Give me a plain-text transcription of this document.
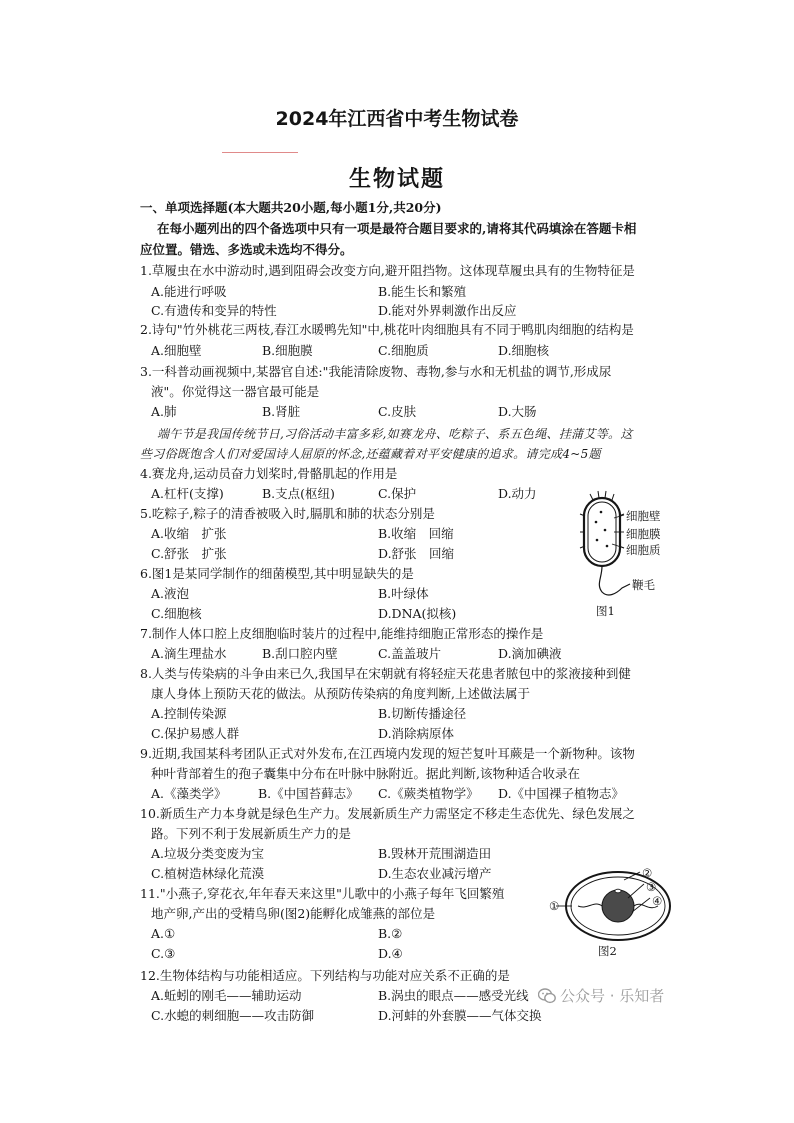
2024年江西省中考生物试卷
生物试题
一、单项选择题(本大题共20小题,每小题1分,共20分)
在每小题列出的四个备选项中只有一项是最符合题目要求的,请将其代码填涂在答题卡相
应位置。错选、多选或未选均不得分。
1.草履虫在水中游动时,遇到阻碍会改变方向,避开阻挡物。这体现草履虫具有的生物特征是
A.能进行呼吸	B.能生长和繁殖
C.有遗传和变异的特性	D.能对外界刺激作出反应
2.诗句"竹外桃花三两枝,春江水暖鸭先知"中,桃花叶肉细胞具有不同于鸭肌肉细胞的结构是
A.细胞壁	B.细胞膜	C.细胞质	D.细胞核
3.一科普动画视频中,某器官自述:"我能清除废物、毒物,参与水和无机盐的调节,形成尿
液"。你觉得这一器官最可能是
A.肺	B.肾脏	C.皮肤	D.大肠
端午节是我国传统节日,习俗活动丰富多彩,如赛龙舟、吃粽子、系五色绳、挂蒲艾等。这
些习俗既饱含人们对爱国诗人屈原的怀念,还蕴藏着对平安健康的追求。请完成4~5题
4.赛龙舟,运动员奋力划桨时,骨骼肌起的作用是
A.杠杆(支撑)	B.支点(枢纽)	C.保护	D.动力
5.吃粽子,粽子的清香被吸入时,膈肌和肺的状态分别是
A.收缩　扩张	B.收缩　回缩
C.舒张　扩张	D.舒张　回缩
6.图1是某同学制作的细菌模型,其中明显缺失的是
A.液泡	B.叶绿体
C.细胞核	D.DNA(拟核)
细胞壁
细胞膜
细胞质
鞭毛
图1
7.制作人体口腔上皮细胞临时装片的过程中,能维持细胞正常形态的操作是
A.滴生理盐水	B.刮口腔内壁	C.盖盖玻片	D.滴加碘液
8.人类与传染病的斗争由来已久,我国早在宋朝就有将轻症天花患者脓包中的浆液接种到健
康人身体上预防天花的做法。从预防传染病的角度判断,上述做法属于
A.控制传染源	B.切断传播途径
C.保护易感人群	D.消除病原体
9.近期,我国某科考团队正式对外发布,在江西境内发现的短芒复叶耳蕨是一个新物种。该物
种叶背部着生的孢子囊集中分布在叶脉中脉附近。据此判断,该物种适合收录在
A.《藻类学》	B.《中国苔藓志》 C.《蕨类植物学》 D.《中国裸子植物志》
10.新质生产力本身就是绿色生产力。发展新质生产力需坚定不移走生态优先、绿色发展之
路。下列不利于发展新质生产力的是
A.垃圾分类变废为宝	B.毁林开荒围湖造田
C.植树造林绿化荒漠	D.生态农业减污增产
11."小燕子,穿花衣,年年春天来这里"儿歌中的小燕子每年飞回繁殖
地产卵,产出的受精鸟卵(图2)能孵化成雏燕的部位是
A.①	B.②
C.③	D.④
①
②
③
④
图2
12.生物体结构与功能相适应。下列结构与功能对应关系不正确的是
A.蚯蚓的刚毛——辅助运动	B.涡虫的眼点——感受光线
C.水螅的刺细胞——攻击防御	D.河蚌的外套膜——气体交换
公众号 · 乐知者
